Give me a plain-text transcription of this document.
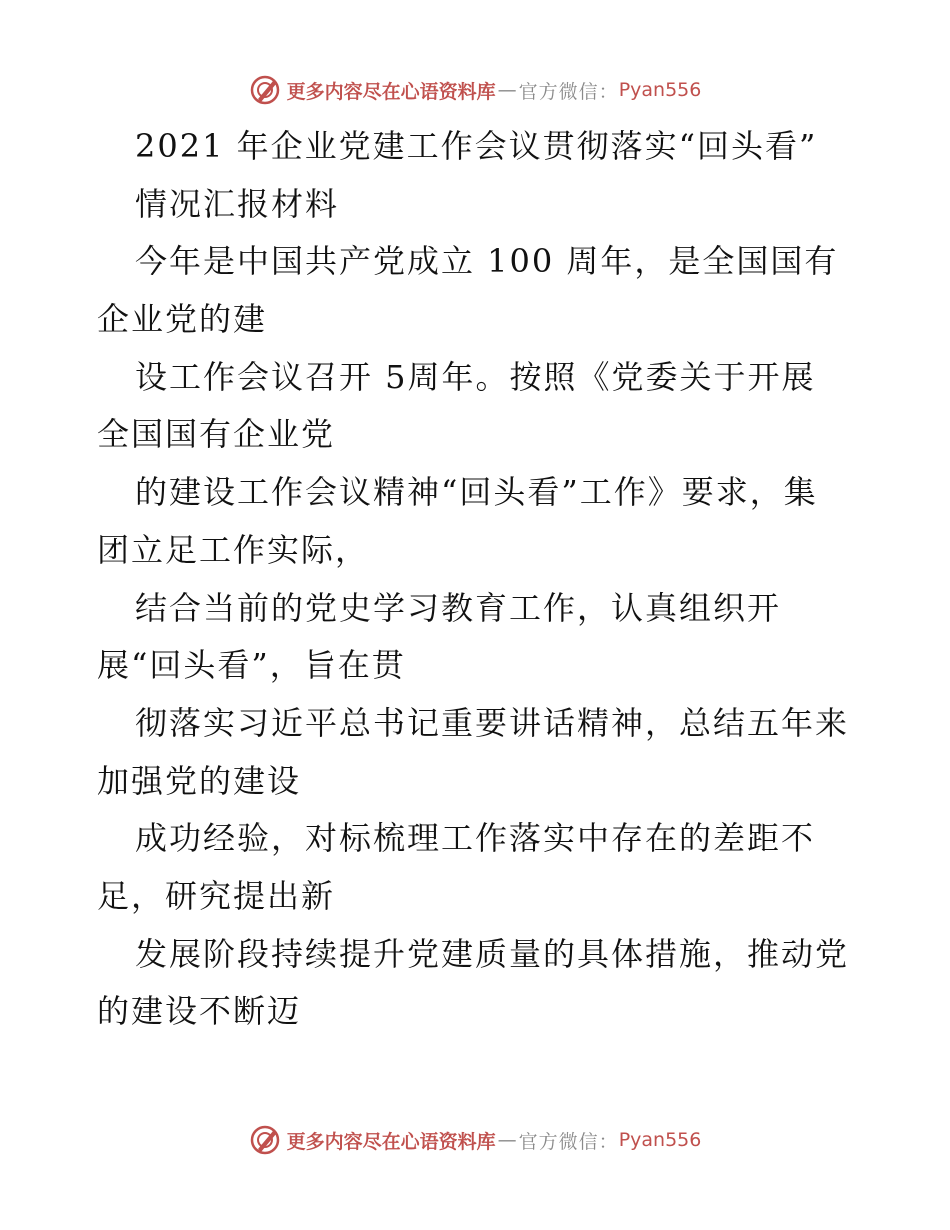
更多内容尽在心语资料库 — 官方微信： Pyan556
2021 年企业党建工作会议贯彻落实“回头看”
情况汇报材料
今年是中国共产党成立 100 周年，是全国国有
企业党的建
设工作会议召开 5周年。按照《党委关于开展
全国国有企业党
的建设工作会议精神“回头看”工作》要求，集
团立足工作实际，
结合当前的党史学习教育工作，认真组织开
展“回头看”，旨在贯
彻落实习近平总书记重要讲话精神，总结五年来
加强党的建设
成功经验，对标梳理工作落实中存在的差距不
足，研究提出新
发展阶段持续提升党建质量的具体措施，推动党
的建设不断迈
更多内容尽在心语资料库 — 官方微信： Pyan556
